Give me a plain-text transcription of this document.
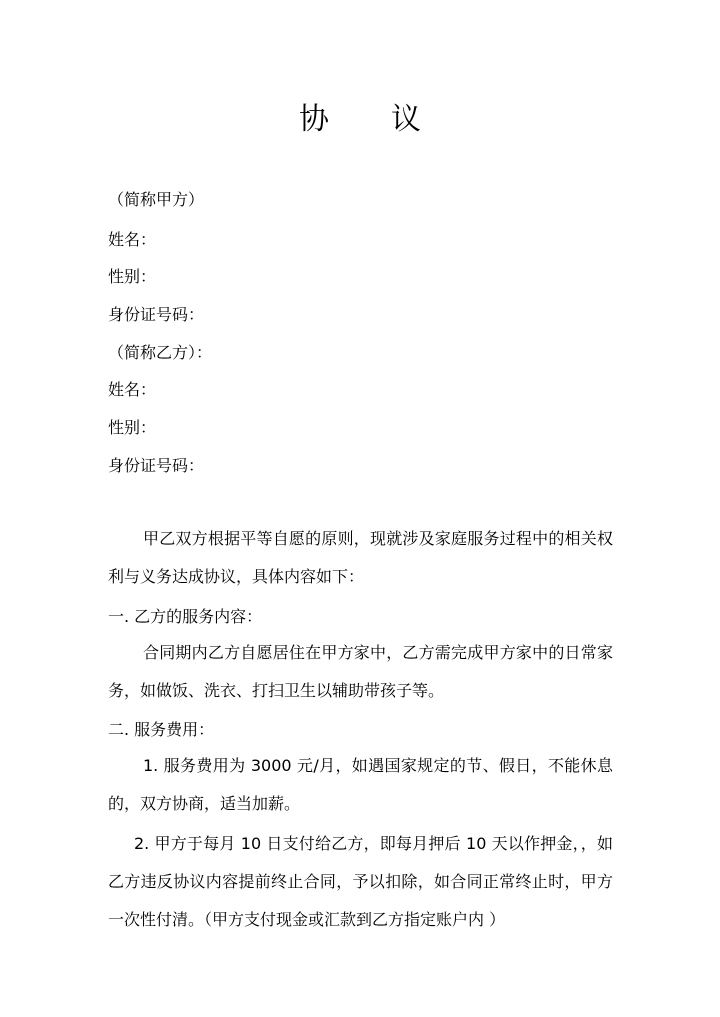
协 议
（简称甲方）
姓名：
性别：
身份证号码：
（简称乙方）：
姓名：
性别：
身份证号码：
甲乙双方根据平等自愿的原则，现就涉及家庭服务过程中的相关权利与义务达成协议，具体内容如下：
一. 乙方的服务内容：
合同期内乙方自愿居住在甲方家中，乙方需完成甲方家中的日常家务，如做饭、洗衣、打扫卫生以辅助带孩子等。
二. 服务费用：
1. 服务费用为 3000 元/月，如遇国家规定的节、假日，不能休息的，双方协商，适当加薪。
2. 甲方于每月 10 日支付给乙方，即每月押后 10 天以作押金，，如乙方违反协议内容提前终止合同，予以扣除，如合同正常终止时，甲方一次性付清。（甲方支付现金或汇款到乙方指定账户内 ）
